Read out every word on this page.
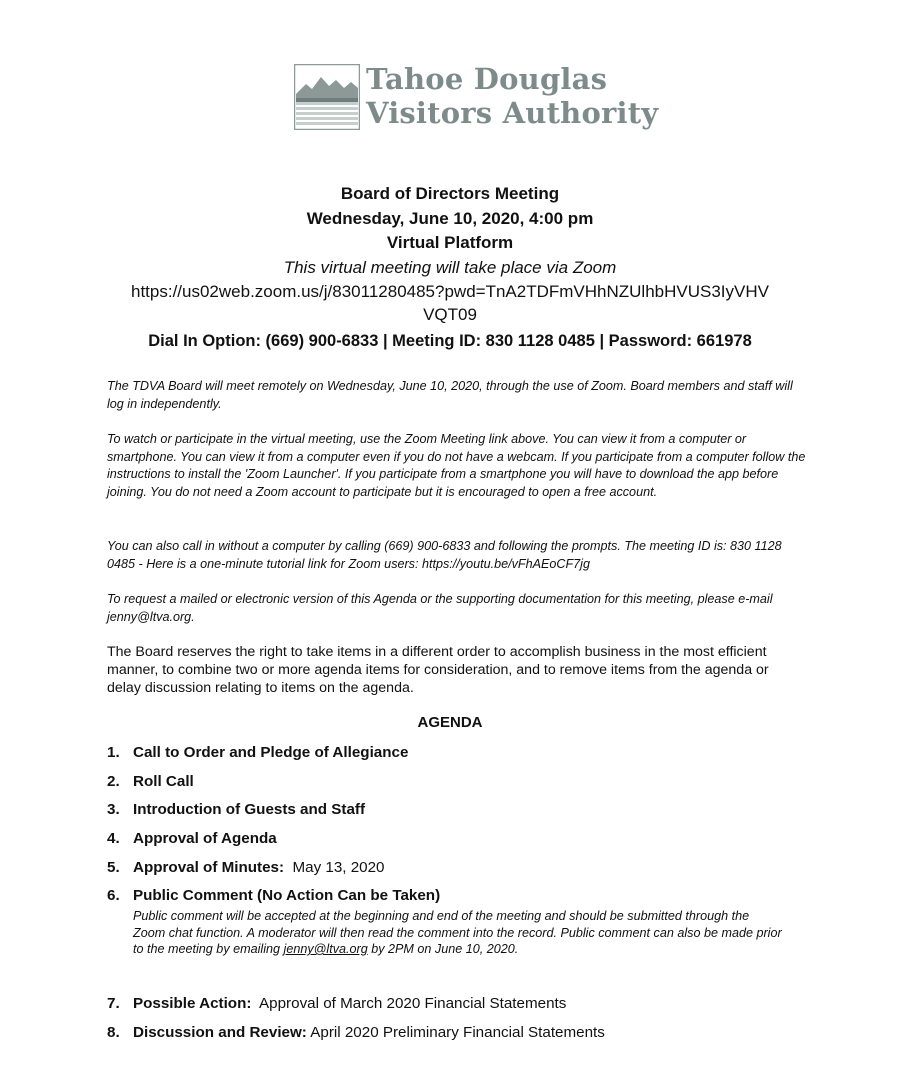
Tahoe Douglas
Visitors Authority
Board of Directors Meeting
Wednesday, June 10, 2020, 4:00 pm
Virtual Platform
This virtual meeting will take place via Zoom
https://us02web.zoom.us/j/83011280485?pwd=TnA2TDFmVHhNZUlhbHVUS3IyVHV
VQT09
Dial In Option: (669) 900-6833 | Meeting ID: 830 1128 0485 | Password: 661978
The TDVA Board will meet remotely on Wednesday, June 10, 2020, through the use of Zoom. Board members and staff will log in independently.
To watch or participate in the virtual meeting, use the Zoom Meeting link above. You can view it from a computer or smartphone. You can view it from a computer even if you do not have a webcam. If you participate from a computer follow the instructions to install the 'Zoom Launcher'. If you participate from a smartphone you will have to download the app before joining. You do not need a Zoom account to participate but it is encouraged to open a free account.
You can also call in without a computer by calling (669) 900-6833 and following the prompts. The meeting ID is: 830 1128 0485 - Here is a one-minute tutorial link for Zoom users: https://youtu.be/vFhAEoCF7jg
To request a mailed or electronic version of this Agenda or the supporting documentation for this meeting, please e-mail jenny@ltva.org.
The Board reserves the right to take items in a different order to accomplish business in the most efficient manner, to combine two or more agenda items for consideration, and to remove items from the agenda or delay discussion relating to items on the agenda.
AGENDA
1. Call to Order and Pledge of Allegiance
2. Roll Call
3. Introduction of Guests and Staff
4. Approval of Agenda
5. Approval of Minutes:  May 13, 2020
6. Public Comment (No Action Can be Taken)
Public comment will be accepted at the beginning and end of the meeting and should be submitted through the Zoom chat function. A moderator will then read the comment into the record. Public comment can also be made prior to the meeting by emailing jenny@ltva.org by 2PM on June 10, 2020.
7. Possible Action:  Approval of March 2020 Financial Statements
8. Discussion and Review: April 2020 Preliminary Financial Statements
